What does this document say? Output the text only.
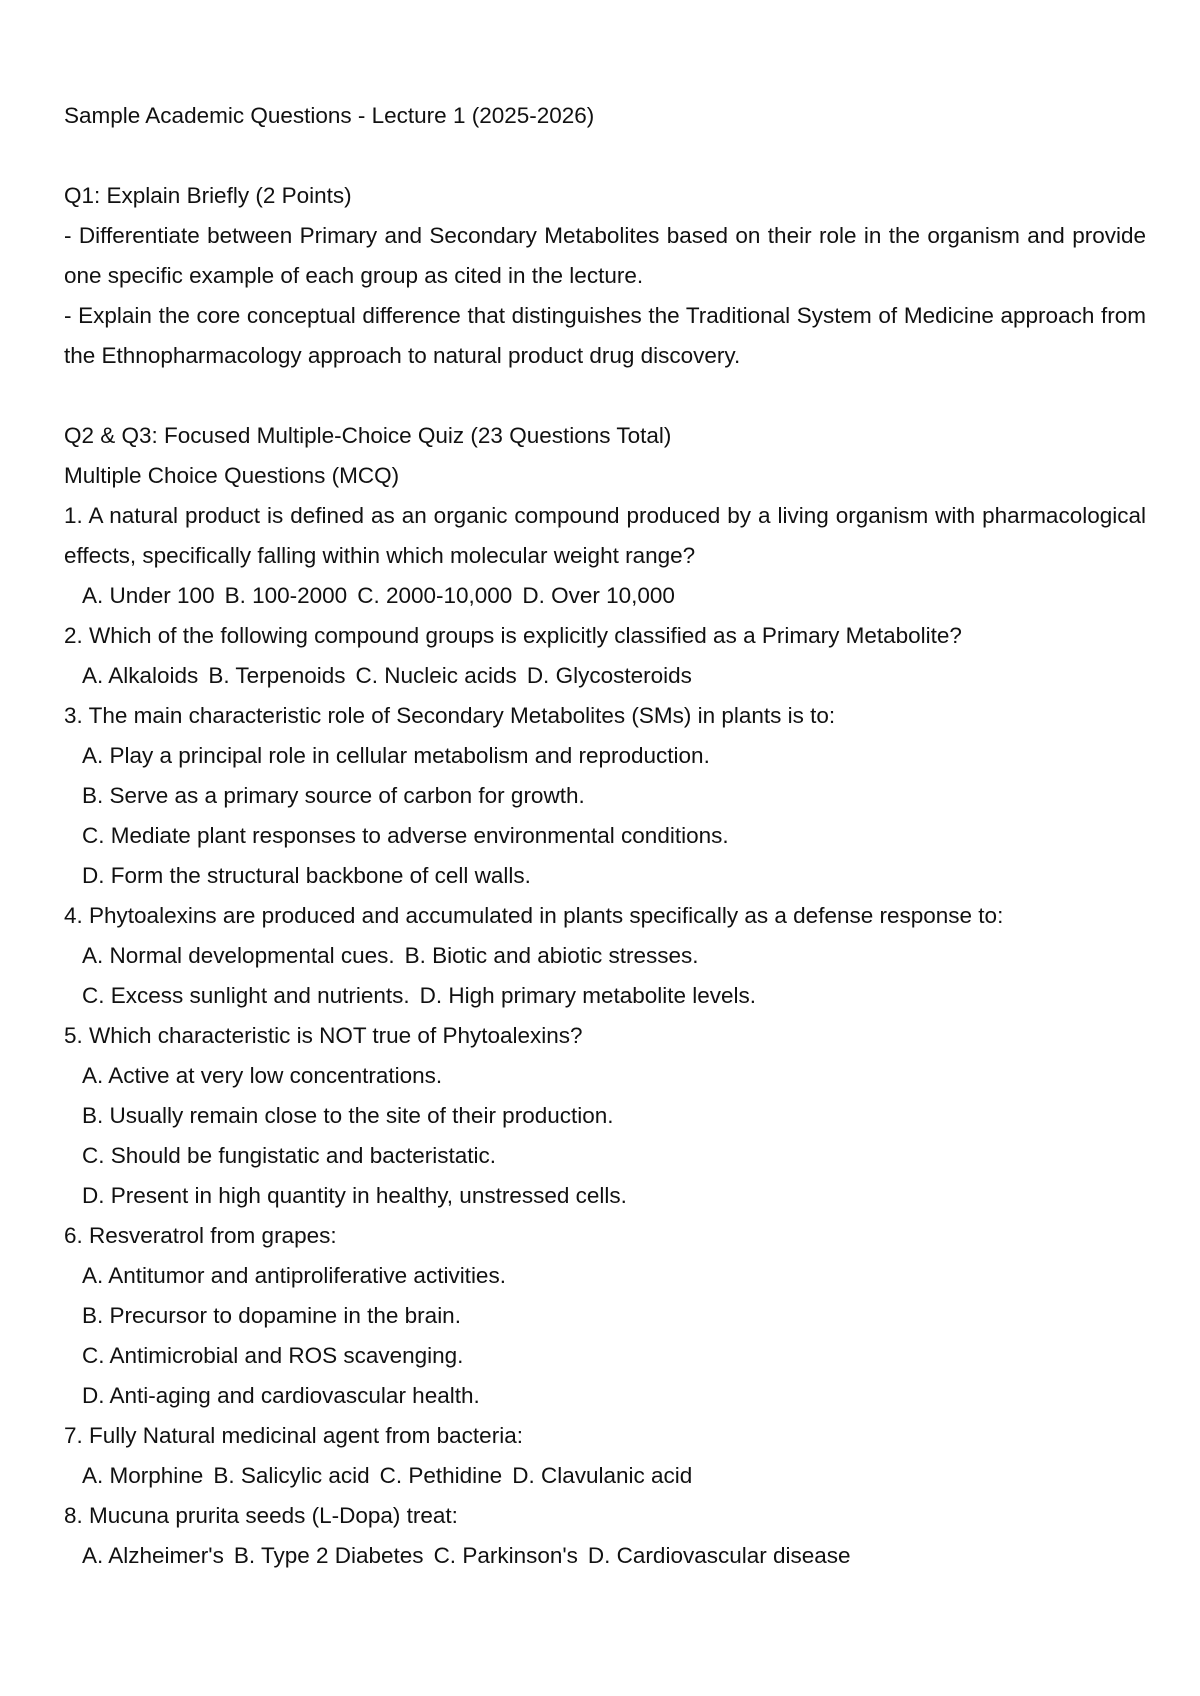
Sample Academic Questions - Lecture 1 (2025-2026)

Q1: Explain Briefly (2 Points)

- Differentiate between Primary and Secondary Metabolites based on their role in the organism and provide one specific example of each group as cited in the lecture.

- Explain the core conceptual difference that distinguishes the Traditional System of Medicine approach from the Ethnopharmacology approach to natural product drug discovery.

Q2 & Q3: Focused Multiple-Choice Quiz (23 Questions Total)

Multiple Choice Questions (MCQ)

1. A natural product is defined as an organic compound produced by a living organism with pharmacological effects, specifically falling within which molecular weight range?

A. Under 100 B. 100-2000 C. 2000-10,000 D. Over 10,000

2. Which of the following compound groups is explicitly classified as a Primary Metabolite?

A. Alkaloids B. Terpenoids C. Nucleic acids D. Glycosteroids

3. The main characteristic role of Secondary Metabolites (SMs) in plants is to:

A. Play a principal role in cellular metabolism and reproduction.
B. Serve as a primary source of carbon for growth.
C. Mediate plant responses to adverse environmental conditions.
D. Form the structural backbone of cell walls.

4. Phytoalexins are produced and accumulated in plants specifically as a defense response to:

A. Normal developmental cues. B. Biotic and abiotic stresses.
C. Excess sunlight and nutrients. D. High primary metabolite levels.

5. Which characteristic is NOT true of Phytoalexins?

A. Active at very low concentrations.
B. Usually remain close to the site of their production.
C. Should be fungistatic and bacteristatic.
D. Present in high quantity in healthy, unstressed cells.

6. Resveratrol from grapes:

A. Antitumor and antiproliferative activities.
B. Precursor to dopamine in the brain.
C. Antimicrobial and ROS scavenging.
D. Anti-aging and cardiovascular health.

7. Fully Natural medicinal agent from bacteria:

A. Morphine B. Salicylic acid C. Pethidine D. Clavulanic acid

8. Mucuna prurita seeds (L-Dopa) treat:

A. Alzheimer's B. Type 2 Diabetes C. Parkinson's D. Cardiovascular disease
